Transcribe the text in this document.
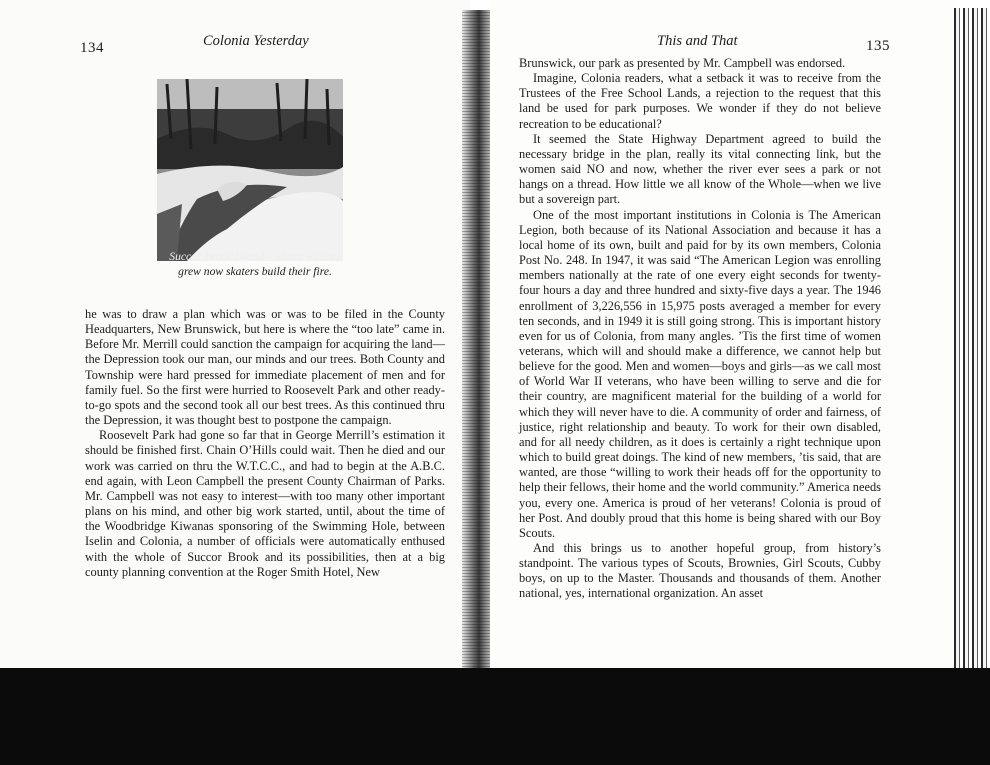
134	Colonia Yesterday
Succor Brook Island—where willows
grew now skaters build their fire.

he was to draw a plan which was or was to be filed in the County Headquarters, New Brunswick, but here is where the “too late” came in. Before Mr. Merrill could sanction the campaign for acquiring the land—the Depression took our man, our minds and our trees. Both County and Township were hard pressed for immediate placement of men and for family fuel. So the first were hurried to Roosevelt Park and other ready-to-go spots and the second took all our best trees. As this continued thru the Depression, it was thought best to postpone the campaign.

Roosevelt Park had gone so far that in George Merrill’s estimation it should be finished first. Chain O’Hills could wait. Then he died and our work was carried on thru the W.T.C.C., and had to begin at the A.B.C. end again, with Leon Campbell the present County Chairman of Parks. Mr. Campbell was not easy to interest—with too many other important plans on his mind, and other big work started, until, about the time of the Woodbridge Kiwanas sponsoring of the Swimming Hole, between Iselin and Colonia, a number of officials were automatically enthused with the whole of Succor Brook and its possibilities, then at a big county planning convention at the Roger Smith Hotel, New

This and That	135

Brunswick, our park as presented by Mr. Campbell was endorsed.

Imagine, Colonia readers, what a setback it was to receive from the Trustees of the Free School Lands, a rejection to the request that this land be used for park purposes. We wonder if they do not believe recreation to be educational?

It seemed the State Highway Department agreed to build the necessary bridge in the plan, really its vital connecting link, but the women said NO and now, whether the river ever sees a park or not hangs on a thread. How little we all know of the Whole—when we live but a sovereign part.

One of the most important institutions in Colonia is The American Legion, both because of its National Association and because it has a local home of its own, built and paid for by its own members, Colonia Post No. 248. In 1947, it was said “The American Legion was enrolling members nationally at the rate of one every eight seconds for twenty-four hours a day and three hundred and sixty-five days a year. The 1946 enrollment of 3,226,556 in 15,975 posts averaged a member for every ten seconds, and in 1949 it is still going strong. This is important history even for us of Colonia, from many angles. ’Tis the first time of women veterans, which will and should make a difference, we cannot help but believe for the good. Men and women—boys and girls—as we call most of World War II veterans, who have been willing to serve and die for their country, are magnificent material for the building of a world for which they will never have to die. A community of order and fairness, of justice, right relationship and beauty. To work for their own disabled, and for all needy children, as it does is certainly a right technique upon which to build great doings. The kind of new members, ’tis said, that are wanted, are those “willing to work their heads off for the opportunity to help their fellows, their home and the world community.” America needs you, every one. America is proud of her veterans! Colonia is proud of her Post. And doubly proud that this home is being shared with our Boy Scouts.

And this brings us to another hopeful group, from history’s standpoint. The various types of Scouts, Brownies, Girl Scouts, Cubby boys, on up to the Master. Thousands and thousands of them. Another national, yes, international organization. An asset
